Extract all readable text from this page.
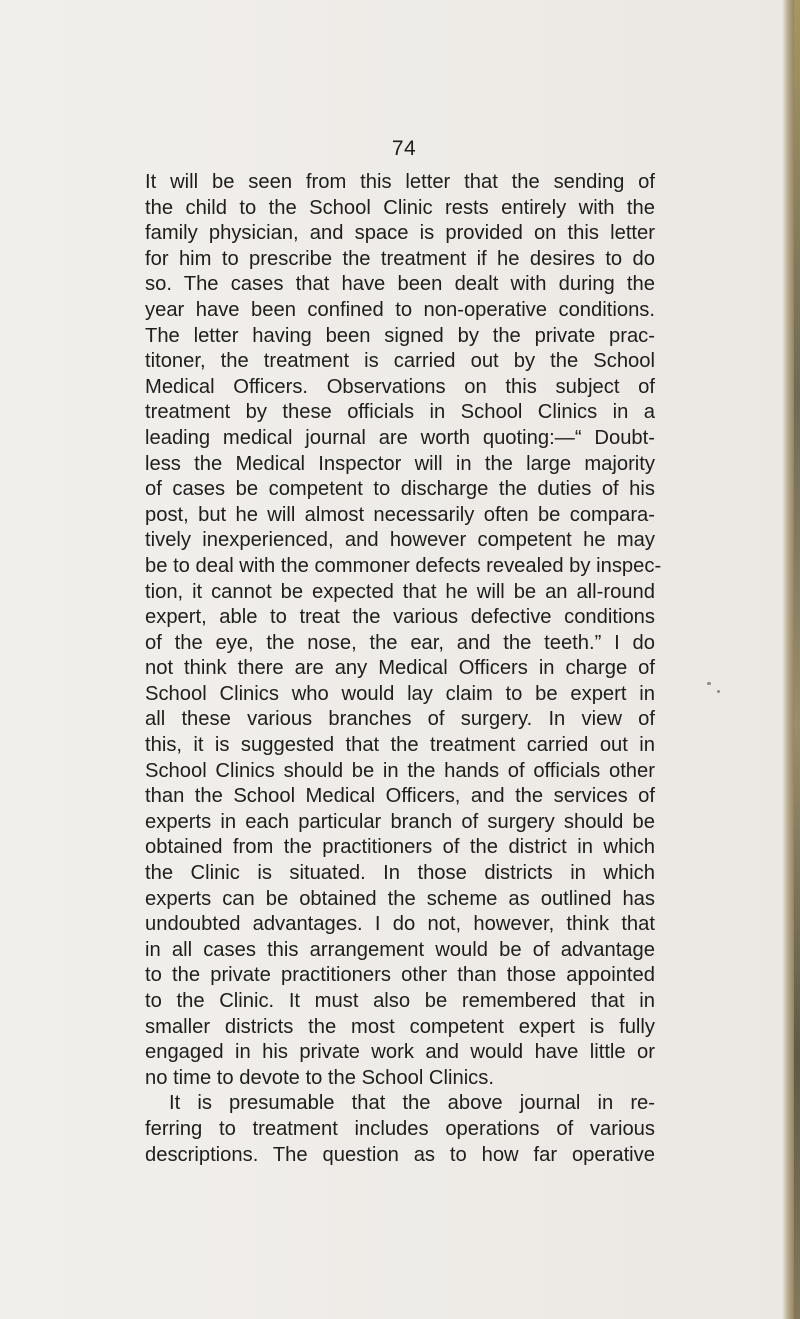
74
It will be seen from this letter that the sending of
the child to the School Clinic rests entirely with the
family physician, and space is provided on this letter
for him to prescribe the treatment if he desires to do
so. The cases that have been dealt with during the
year have been confined to non-operative conditions.
The letter having been signed by the private prac-
titoner, the treatment is carried out by the School
Medical Officers. Observations on this subject of
treatment by these officials in School Clinics in a
leading medical journal are worth quoting:—“ Doubt-
less the Medical Inspector will in the large majority
of cases be competent to discharge the duties of his
post, but he will almost necessarily often be compara-
tively inexperienced, and however competent he may
be to deal with the commoner defects revealed by inspec-
tion, it cannot be expected that he will be an all-round
expert, able to treat the various defective conditions
of the eye, the nose, the ear, and the teeth.” I do
not think there are any Medical Officers in charge of
School Clinics who would lay claim to be expert in
all these various branches of surgery. In view of
this, it is suggested that the treatment carried out in
School Clinics should be in the hands of officials other
than the School Medical Officers, and the services of
experts in each particular branch of surgery should be
obtained from the practitioners of the district in which
the Clinic is situated. In those districts in which
experts can be obtained the scheme as outlined has
undoubted advantages. I do not, however, think that
in all cases this arrangement would be of advantage
to the private practitioners other than those appointed
to the Clinic. It must also be remembered that in
smaller districts the most competent expert is fully
engaged in his private work and would have little or
no time to devote to the School Clinics.
It is presumable that the above journal in re-
ferring to treatment includes operations of various
descriptions. The question as to how far operative
